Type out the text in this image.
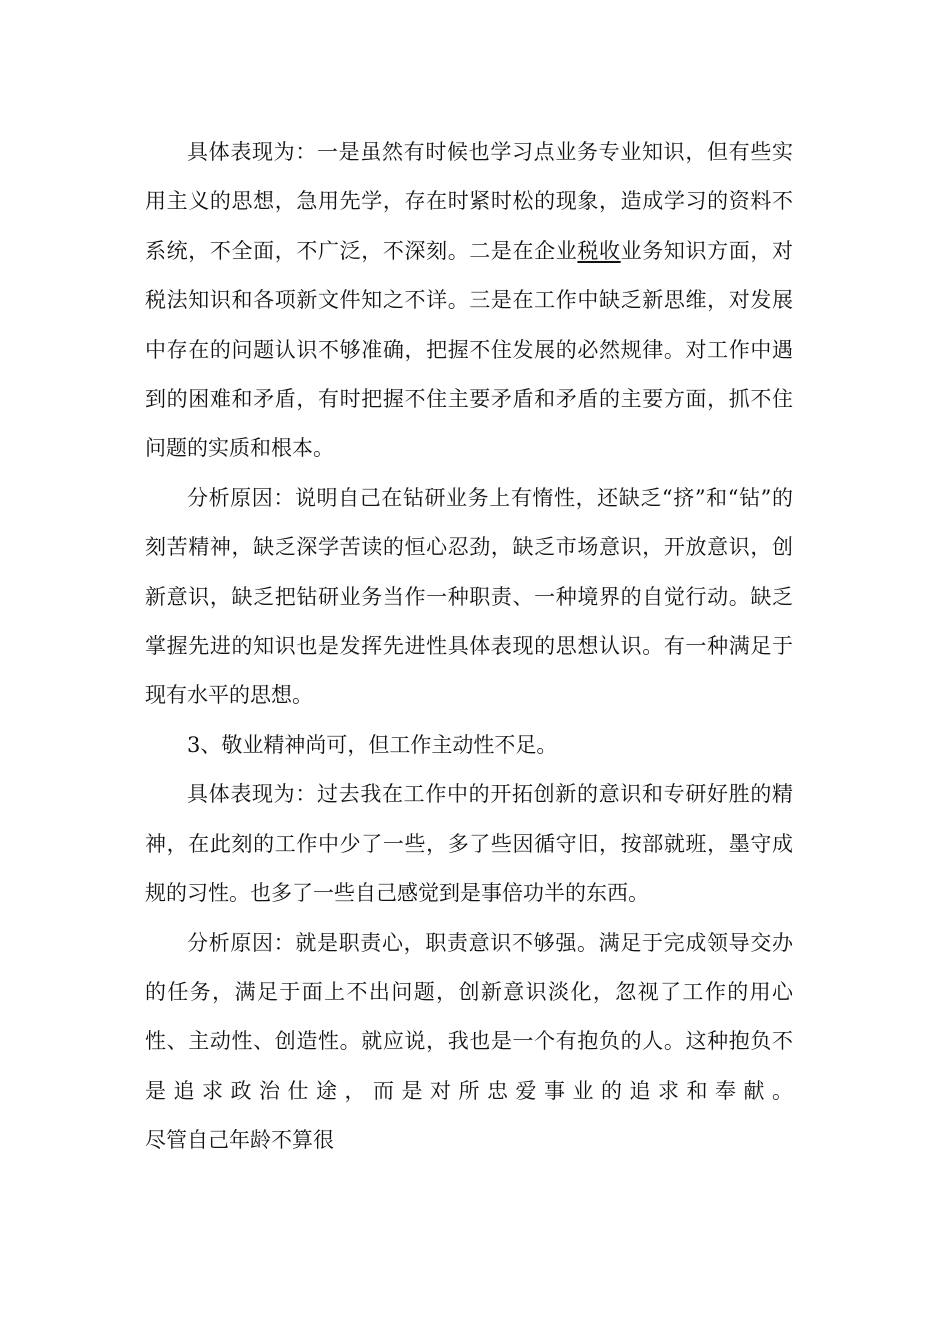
具体表现为：一是虽然有时候也学习点业务专业知识，但有些实用主义的思想，急用先学，存在时紧时松的现象，造成学习的资料不系统，不全面，不广泛，不深刻。二是在企业税收业务知识方面，对税法知识和各项新文件知之不详。三是在工作中缺乏新思维，对发展中存在的问题认识不够准确，把握不住发展的必然规律。对工作中遇到的困难和矛盾，有时把握不住主要矛盾和矛盾的主要方面，抓不住问题的实质和根本。

分析原因：说明自己在钻研业务上有惰性，还缺乏“挤”和“钻”的刻苦精神，缺乏深学苦读的恒心忍劲，缺乏市场意识，开放意识，创新意识，缺乏把钻研业务当作一种职责、一种境界的自觉行动。缺乏掌握先进的知识也是发挥先进性具体表现的思想认识。有一种满足于现有水平的思想。

3、敬业精神尚可，但工作主动性不足。

具体表现为：过去我在工作中的开拓创新的意识和专研好胜的精神，在此刻的工作中少了一些，多了些因循守旧，按部就班，墨守成规的习性。也多了一些自己感觉到是事倍功半的东西。

分析原因：就是职责心，职责意识不够强。满足于完成领导交办的任务，满足于面上不出问题，创新意识淡化，忽视了工作的用心性、主动性、创造性。就应说，我也是一个有抱负的人。这种抱负不是追求政治仕途，而是对所忠爱事业的追求和奉献。

尽管自己年龄不算很
